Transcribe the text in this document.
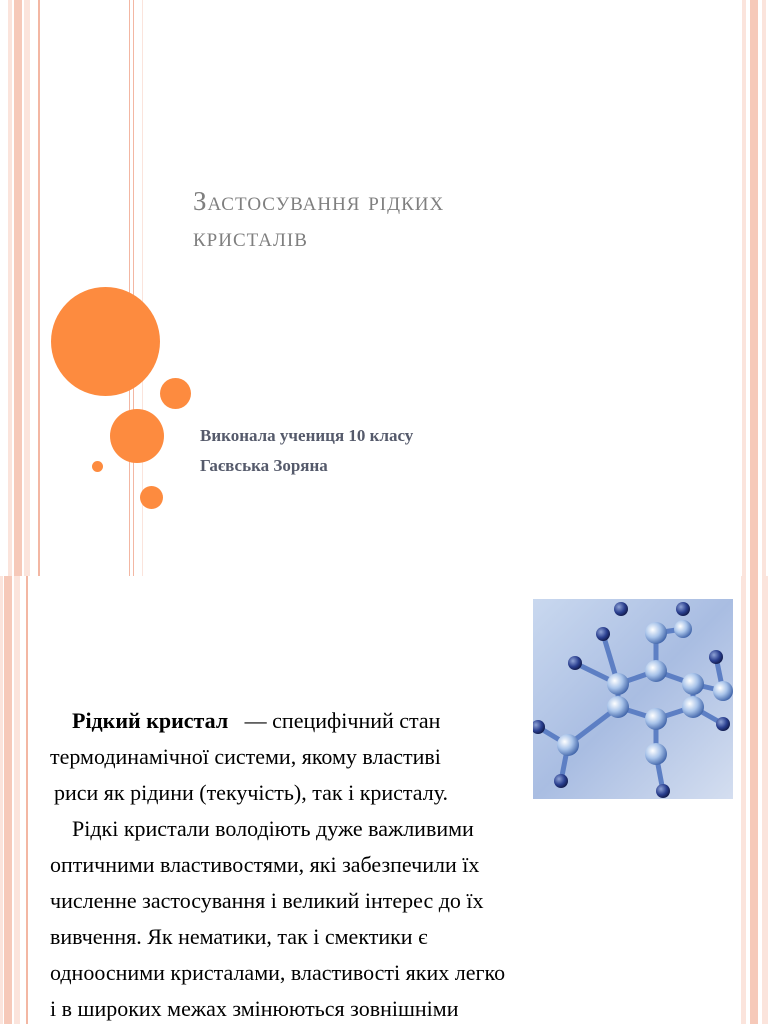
Застосування рідких
кристалів

Виконала учениця 10 класу

Гаєвська Зоряна

Рідкий кристал — специфічний стан

термодинамічної системи, якому властиві

риси як рідини (текучість), так і кристалу.

Рідкі кристали володіють дуже важливими

оптичними властивостями, які забезпечили їх

численне застосування і великий інтерес до їх

вивчення. Як нематики, так і смектики є

одноосними кристалами, властивості яких легко

і в широких межах змінюються зовнішніми
